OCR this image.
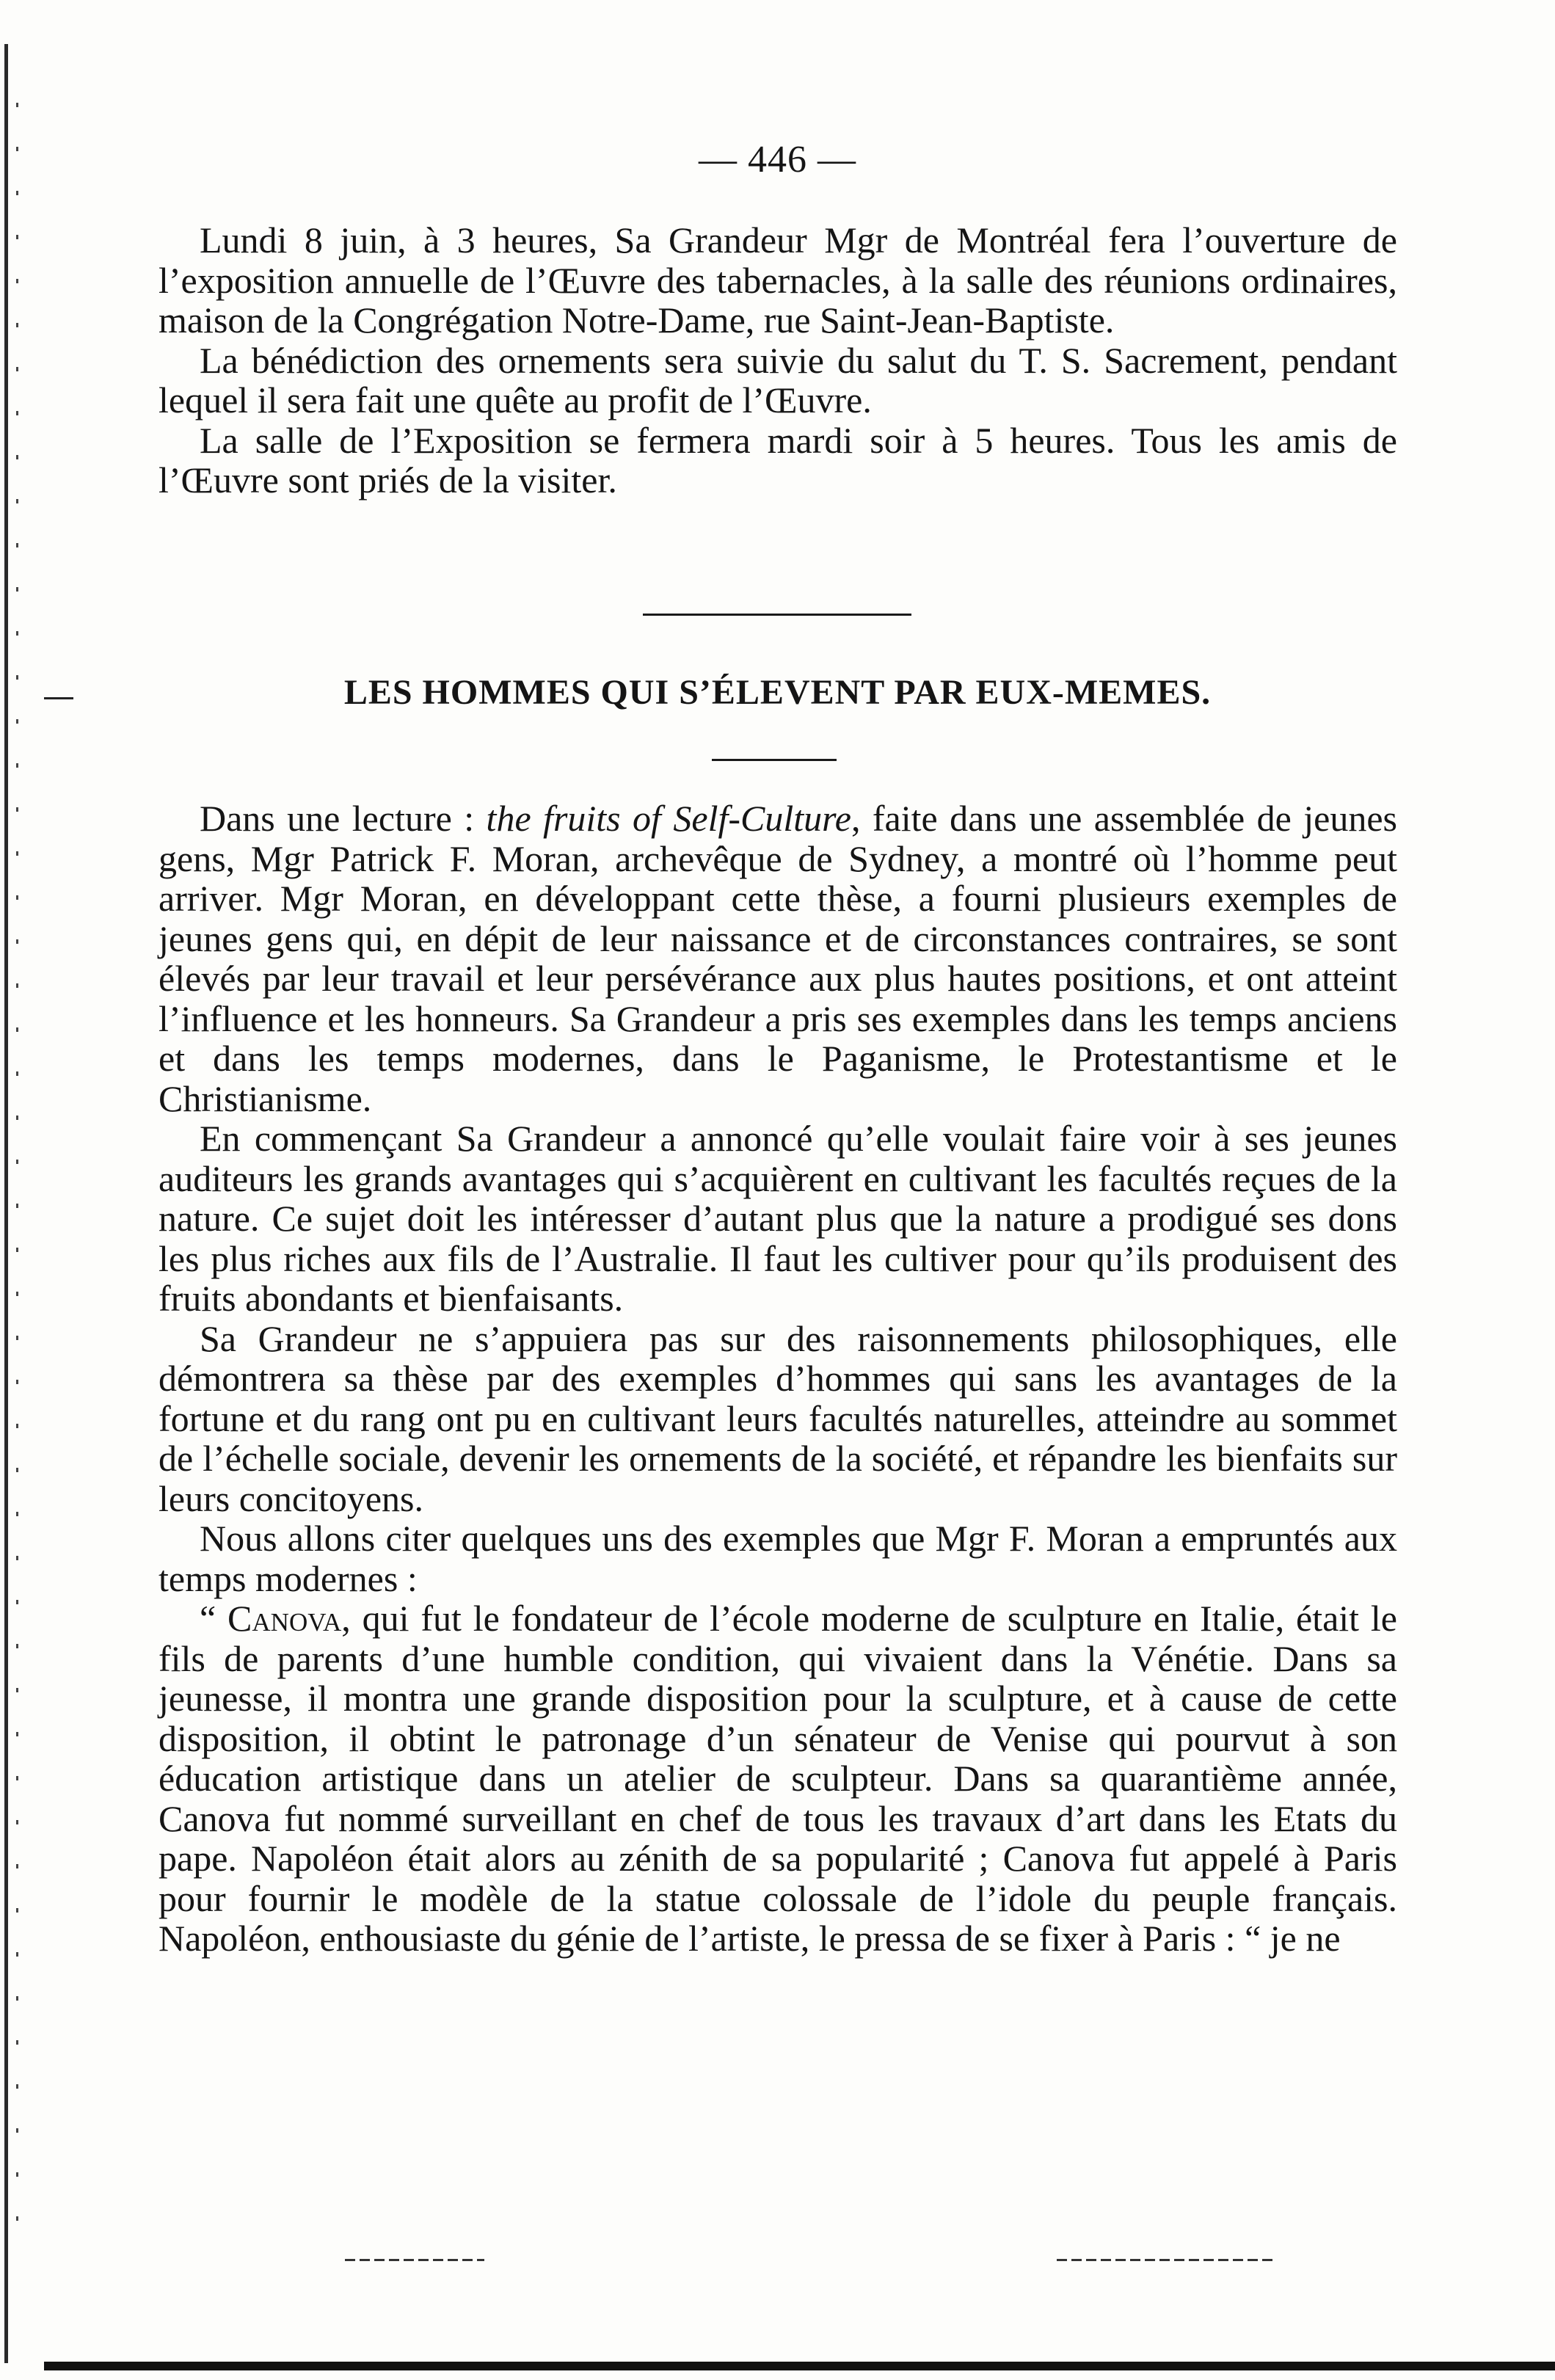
— 446 —

Lundi 8 juin, à 3 heures, Sa Grandeur Mgr de Montréal fera l’ouverture de l’exposition annuelle de l’Œuvre des tabernacles, à la salle des réunions ordinaires, maison de la Congrégation Notre-Dame, rue Saint-Jean-Baptiste.

La bénédiction des ornements sera suivie du salut du T. S. Sacrement, pendant lequel il sera fait une quête au profit de l’Œuvre.

La salle de l’Exposition se fermera mardi soir à 5 heures. Tous les amis de l’Œuvre sont priés de la visiter.

LES HOMMES QUI S’ÉLEVENT PAR EUX-MEMES.

Dans une lecture : the fruits of Self-Culture, faite dans une assemblée de jeunes gens, Mgr Patrick F. Moran, archevêque de Sydney, a montré où l’homme peut arriver. Mgr Moran, en développant cette thèse, a fourni plusieurs exemples de jeunes gens qui, en dépit de leur naissance et de circonstances contraires, se sont élevés par leur travail et leur persévérance aux plus hautes positions, et ont atteint l’influence et les honneurs. Sa Grandeur a pris ses exemples dans les temps anciens et dans les temps modernes, dans le Paganisme, le Protestantisme et le Christianisme.

En commençant Sa Grandeur a annoncé qu’elle voulait faire voir à ses jeunes auditeurs les grands avantages qui s’acquièrent en cultivant les facultés reçues de la nature. Ce sujet doit les intéresser d’autant plus que la nature a prodigué ses dons les plus riches aux fils de l’Australie. Il faut les cultiver pour qu’ils produisent des fruits abondants et bienfaisants.

Sa Grandeur ne s’appuiera pas sur des raisonnements philosophiques, elle démontrera sa thèse par des exemples d’hommes qui sans les avantages de la fortune et du rang ont pu en cultivant leurs facultés naturelles, atteindre au sommet de l’échelle sociale, devenir les ornements de la société, et répandre les bienfaits sur leurs concitoyens.

Nous allons citer quelques uns des exemples que Mgr F. Moran a empruntés aux temps modernes :

“ Canova, qui fut le fondateur de l’école moderne de sculpture en Italie, était le fils de parents d’une humble condition, qui vivaient dans la Vénétie. Dans sa jeunesse, il montra une grande disposition pour la sculpture, et à cause de cette disposition, il obtint le patronage d’un sénateur de Venise qui pourvut à son éducation artistique dans un atelier de sculpteur. Dans sa quarantième année, Canova fut nommé surveillant en chef de tous les travaux d’art dans les Etats du pape. Napoléon était alors au zénith de sa popularité ; Canova fut appelé à Paris pour fournir le modèle de la statue colossale de l’idole du peuple français. Napoléon, enthousiaste du génie de l’artiste, le pressa de se fixer à Paris : “ je ne
